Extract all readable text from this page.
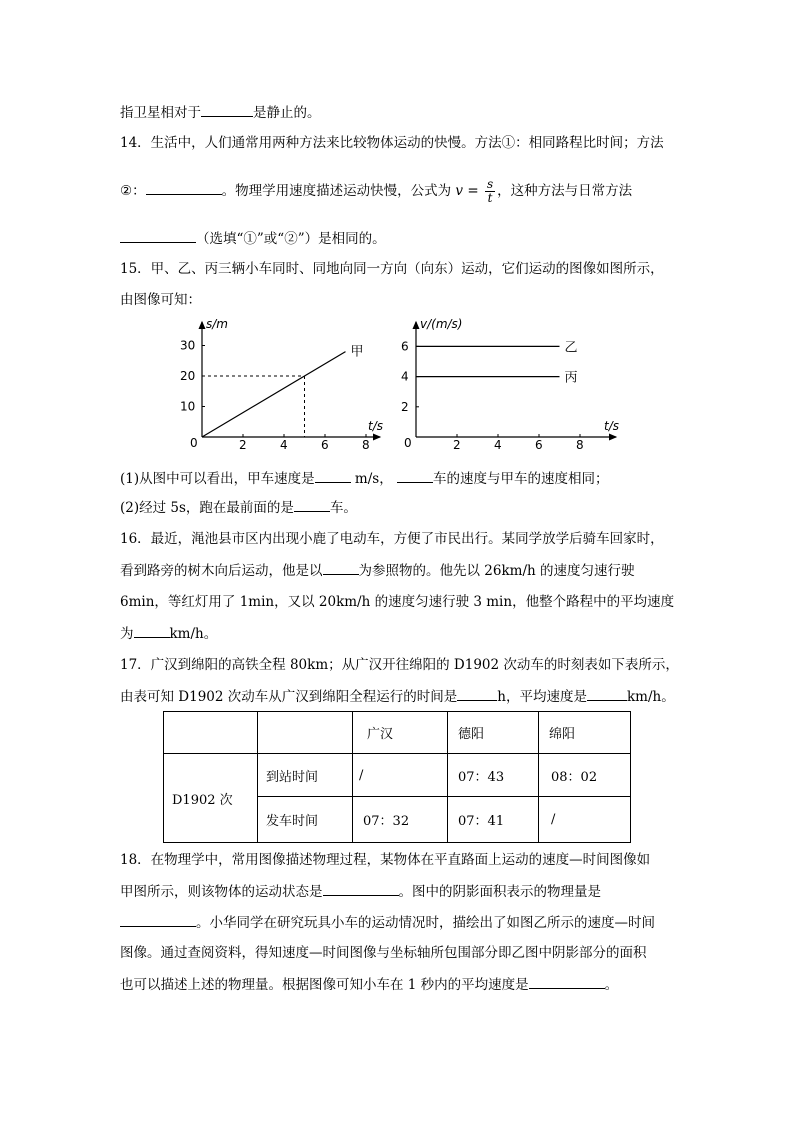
指卫星相对于	是静止的。
14．生活中，人们通常用两种方法来比较物体运动的快慢。方法①：相同路程比时间；方法
②：	。物理学用速度描述运动快慢，公式为 $v = \frac{s}{t}$ ，这种方法与日常方法
（选填“①”或“②”）是相同的。
15．甲、乙、丙三辆小车同时、同地向同一方向（向东）运动，它们运动的图像如图所示，
由图像可知：
s/m
t/s
0	2	4	6	8
10
20
30	甲
v/(m/s)
t/s
0	2	4	6	8
2
4
6	乙
丙
(1)从图中可以看出，甲车速度是	m/s，	车的速度与甲车的速度相同；
(2)经过 5s，跑在最前面的是	车。
16．最近，渑池县市区内出现小鹿了电动车，方便了市民出行。某同学放学后骑车回家时，
看到路旁的树木向后运动，他是以	为参照物的。他先以 26km/h 的速度匀速行驶
6min，等红灯用了 1min，又以 20km/h 的速度匀速行驶 3 min，他整个路程中的平均速度
为	km/h。
17．广汉到绵阳的高铁全程 80km；从广汉开往绵阳的 D1902 次动车的时刻表如下表所示，
由表可知 D1902 次动车从广汉到绵阳全程运行的时间是	h，平均速度是	km/h。
		广汉	德阳	绵阳
D1902 次	到站时间	/	07：43	08：02
	发车时间	07：32	07：41	/
18．在物理学中，常用图像描述物理过程，某物体在平直路面上运动的速度—时间图像如
甲图所示，则该物体的运动状态是	。图中的阴影面积表示的物理量是
。小华同学在研究玩具小车的运动情况时，描绘出了如图乙所示的速度—时间
图像。通过查阅资料，得知速度—时间图像与坐标轴所包围部分即乙图中阴影部分的面积
也可以描述上述的物理量。根据图像可知小车在 1 秒内的平均速度是	。
